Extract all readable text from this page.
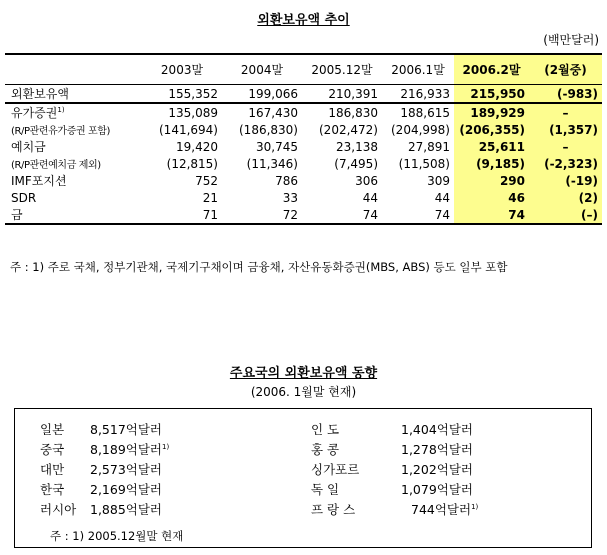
외환보유액 추이
(백만달러)
	2003말	2004말	2005.12말	2006.1말	2006.2말	(2월중)
외환보유액	155,352	199,066	210,391	216,933	215,950	(-983)
유가증권$^{1)}$	135,089	167,430	186,830	188,615	189,929	–
(R/P관련유가증권 포함)	(141,694)	(186,830)	(202,472)	(204,998)	(206,355)	(1,357)
예치금	19,420	30,745	23,138	27,891	25,611	–
(R/P관련예치금 제외)	(12,815)	(11,346)	(7,495)	(11,508)	(9,185)	(-2,323)
IMF포지션	752	786	306	309	290	(-19)
SDR	21	33	44	44	46	(2)
금	71	72	74	74	74	(–)
주 : 1) 주로 국채, 정부기관채, 국제기구채이며 금융채, 자산유동화증권(MBS, ABS) 등도 일부 포함
주요국의 외환보유액 동향
(2006. 1월말 현재)
일본 8,517억달러
중국 8,189억달러$^{1)}$
대만 2,573억달러
한국 2,169억달러
러시아 1,885억달러
인 도	1,404억달러
홍 콩	1,278억달러
싱가포르	1,202억달러
독 일	1,079억달러
프 랑 스	744억달러$^{1)}$
주 : 1) 2005.12월말 현재
